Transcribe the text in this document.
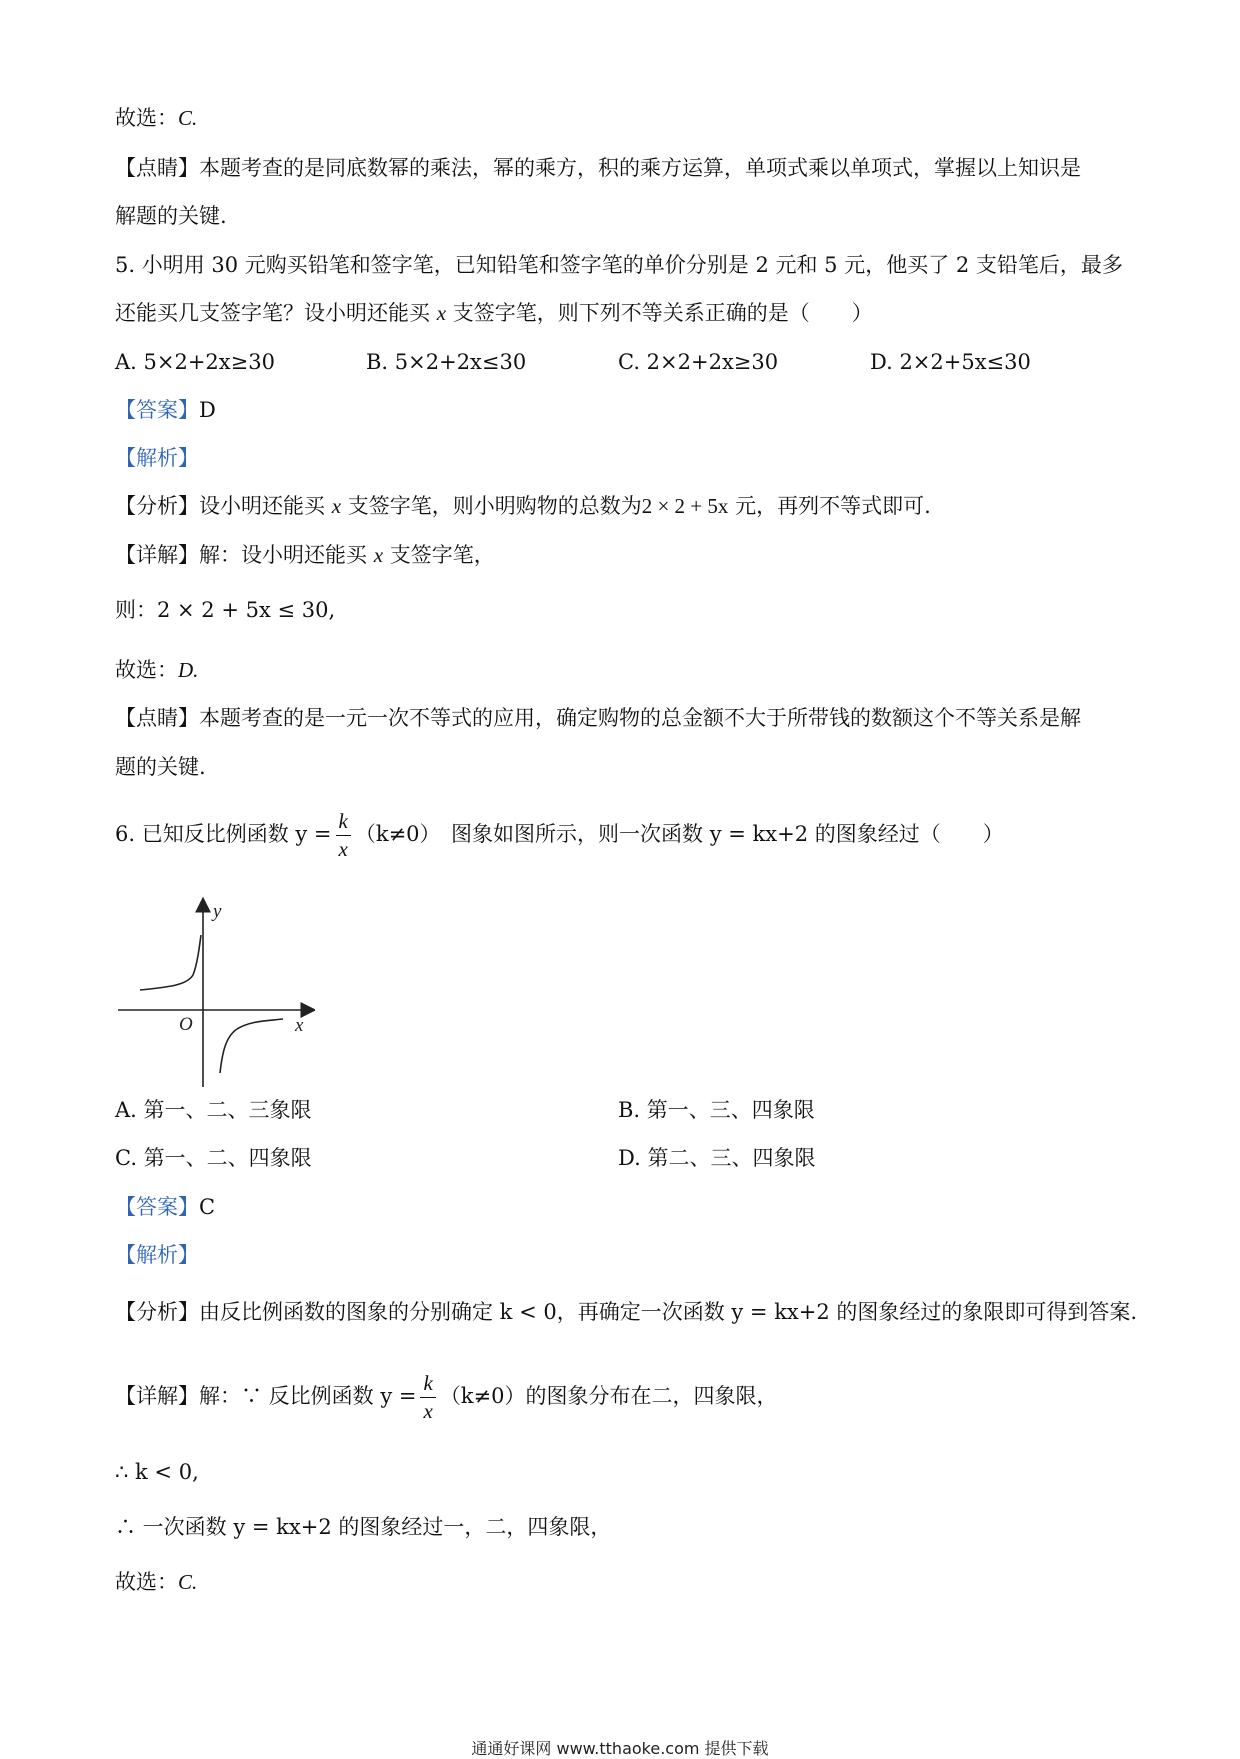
故选：C.
【点睛】本题考查的是同底数幂的乘法，幂的乘方，积的乘方运算，单项式乘以单项式，掌握以上知识是
解题的关键.
5. 小明用 30 元购买铅笔和签字笔，已知铅笔和签字笔的单价分别是 2 元和 5 元，他买了 2 支铅笔后，最多
还能买几支签字笔？设小明还能买 x 支签字笔，则下列不等关系正确的是（　　）
A. 5×2+2x≥30	B. 5×2+2x≤30	C. 2×2+2x≥30	D. 2×2+5x≤30
【答案】D
【解析】
【分析】设小明还能买 x 支签字笔，则小明购物的总数为2 × 2 + 5x 元，再列不等式即可.
【详解】解：设小明还能买 x 支签字笔，
则：2 × 2 + 5x ≤ 30,
故选：D.
【点睛】本题考查的是一元一次不等式的应用，确定购物的总金额不大于所带钱的数额这个不等关系是解
题的关键.
6. 已知反比例函数 $y = \frac{k}{x} (k\ne 0)$　图象如图所示，则一次函数 y = kx+2 的图象经过（　　）
y
x
O
A. 第一、二、三象限	B. 第一、三、四象限
C. 第一、二、四象限	D. 第二、三、四象限
【答案】C
【解析】
【分析】由反比例函数的图象的分别确定 k < 0，再确定一次函数 y = kx+2 的图象经过的象限即可得到答案.
【详解】解：∵ 反比例函数 $y = \frac{k}{x} (k\ne 0)$的图象分布在二，四象限，
∴ k < 0,
∴ 一次函数 y = kx+2 的图象经过一，二，四象限，
故选：C.
通通好课网 www.tthaoke.com 提供下载
